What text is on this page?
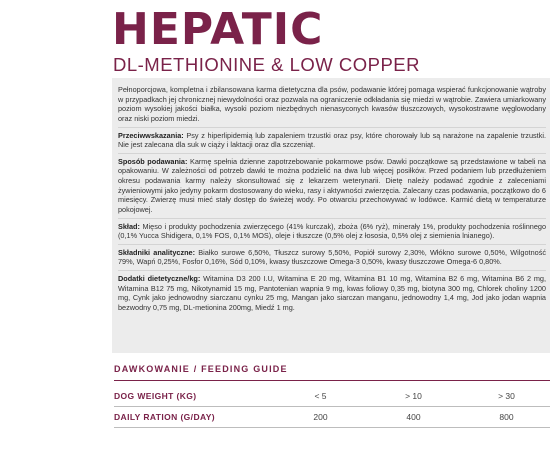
HEPATIC

DL-METHIONINE & LOW COPPER

Pełnoporcjowa, kompletna i zbilansowana karma dietetyczna dla psów, podawanie której pomaga wspierać funkcjonowanie wątroby w przypadkach jej chronicznej niewydolności oraz pozwala na ograniczenie odkładania się miedzi w wątrobie. Zawiera umiarkowany poziom wysokiej jakości białka, wysoki poziom niezbędnych nienasyconych kwasów tłuszczowych, wysokostrawne węglowodany oraz niski poziom miedzi.

Przeciwwskazania: Psy z hiperlipidemią lub zapaleniem trzustki oraz psy, które chorowały lub są narażone na zapalenie trzustki. Nie jest zalecana dla suk w ciąży i laktacji oraz dla szczeniąt.

Sposób podawania: Karmę spełnia dzienne zapotrzebowanie pokarmowe psów. Dawki początkowe są przedstawione w tabeli na opakowaniu. W zależności od potrzeb dawki te można podzielić na dwa lub więcej posiłków. Przed podaniem lub przedłużeniem okresu podawania karmy należy skonsultować się z lekarzem weterynarii. Dietę należy podawać zgodnie z zaleceniami żywieniowymi jako jedyny pokarm dostosowany do wieku, rasy i aktywności zwierzęcia. Zalecany czas podawania, początkowo do 6 miesięcy. Zwierzę musi mieć stały dostęp do świeżej wody. Po otwarciu przechowywać w lodówce. Karmić dietą w temperaturze pokojowej.

Skład: Mięso i produkty pochodzenia zwierzęcego (41% kurczak), zboża (6% ryż), minerały 1%, produkty pochodzenia roślinnego (0,1% Yucca Shidigera, 0,1% FOS, 0,1% MOS), oleje i tłuszcze (0,5% olej z łososia, 0,5% olej z siemienia lnianego).

Składniki analityczne: Białko surowe 6,50%, Tłuszcz surowy 5,50%, Popiół surowy 2,30%, Włókno surowe 0,50%, Wilgotność 79%, Wapń 0,25%, Fosfor 0,16%, Sód 0,10%, kwasy tłuszczowe Omega-3 0,50%, kwasy tłuszczowe Omega-6 0,80%.

Dodatki dietetyczne/kg: Witamina D3 200 I.U, Witamina E 20 mg, Witamina B1 10 mg, Witamina B2 6 mg, Witamina B6 2 mg, Witamina B12 75 mg, Nikotynamid 15 mg, Pantotenian wapnia 9 mg, kwas foliowy 0,35 mg, biotyna 300 mg, Chlorek choliny 1200 mg, Cynk jako jednowodny siarczanu cynku 25 mg, Mangan jako siarczan manganu, jednowodny 1,4 mg, Jod jako jodan wapnia bezwodny 0,75 mg, DL-metionina 200mg, Miedź 1 mg.

DAWKOWANIE / FEEDING GUIDE
DOG WEIGHT (KG)	< 5	> 10	> 30
DAILY RATION (G/DAY)	200	400	800
